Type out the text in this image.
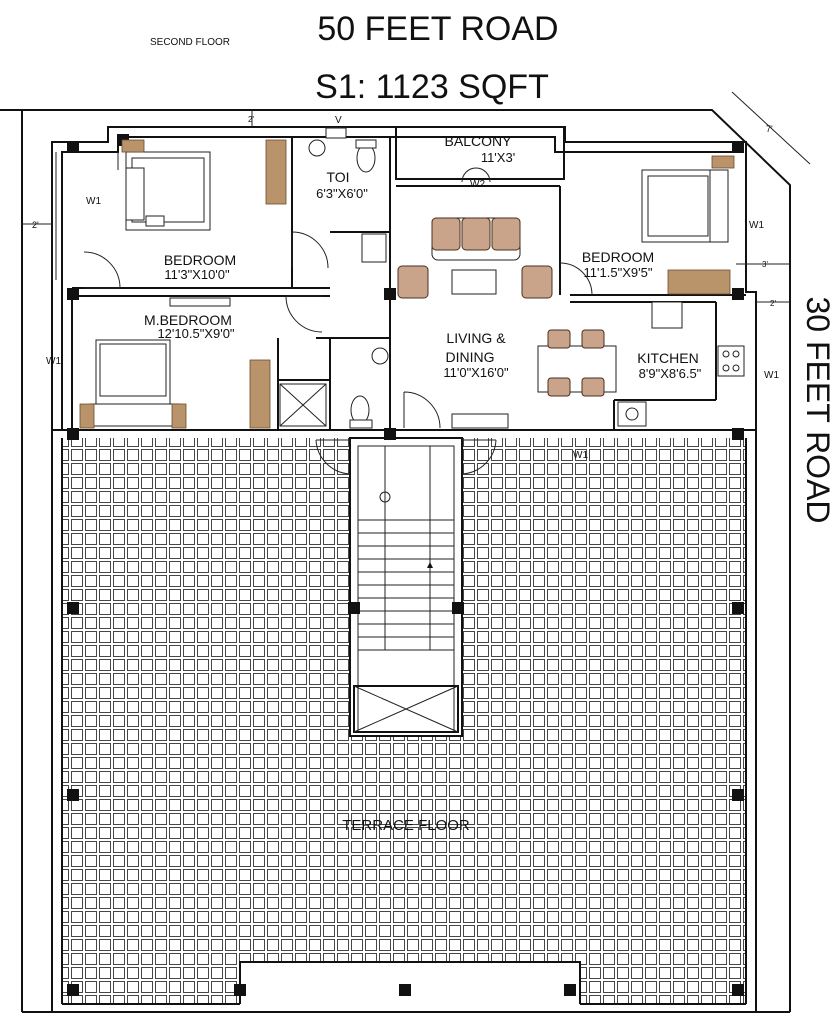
SECOND FLOOR	50 FEET ROAD
S1: 1123 SQFT
30 FEET ROAD
TOI
6'3"X6'0"
BALCONY
11'X3'
BEDROOM
11'3"X10'0"
BEDROOM
11'1.5"X9'5"
M.BEDROOM
12'10.5"X9'0"	LIVING &
DINING
11'0"X16'0"
KITCHEN
8'9"X8'6.5"
TERRACE FLOOR
W1
W1
W1
W1
W1
W2
V
2'
2'
3'
2'
7'
